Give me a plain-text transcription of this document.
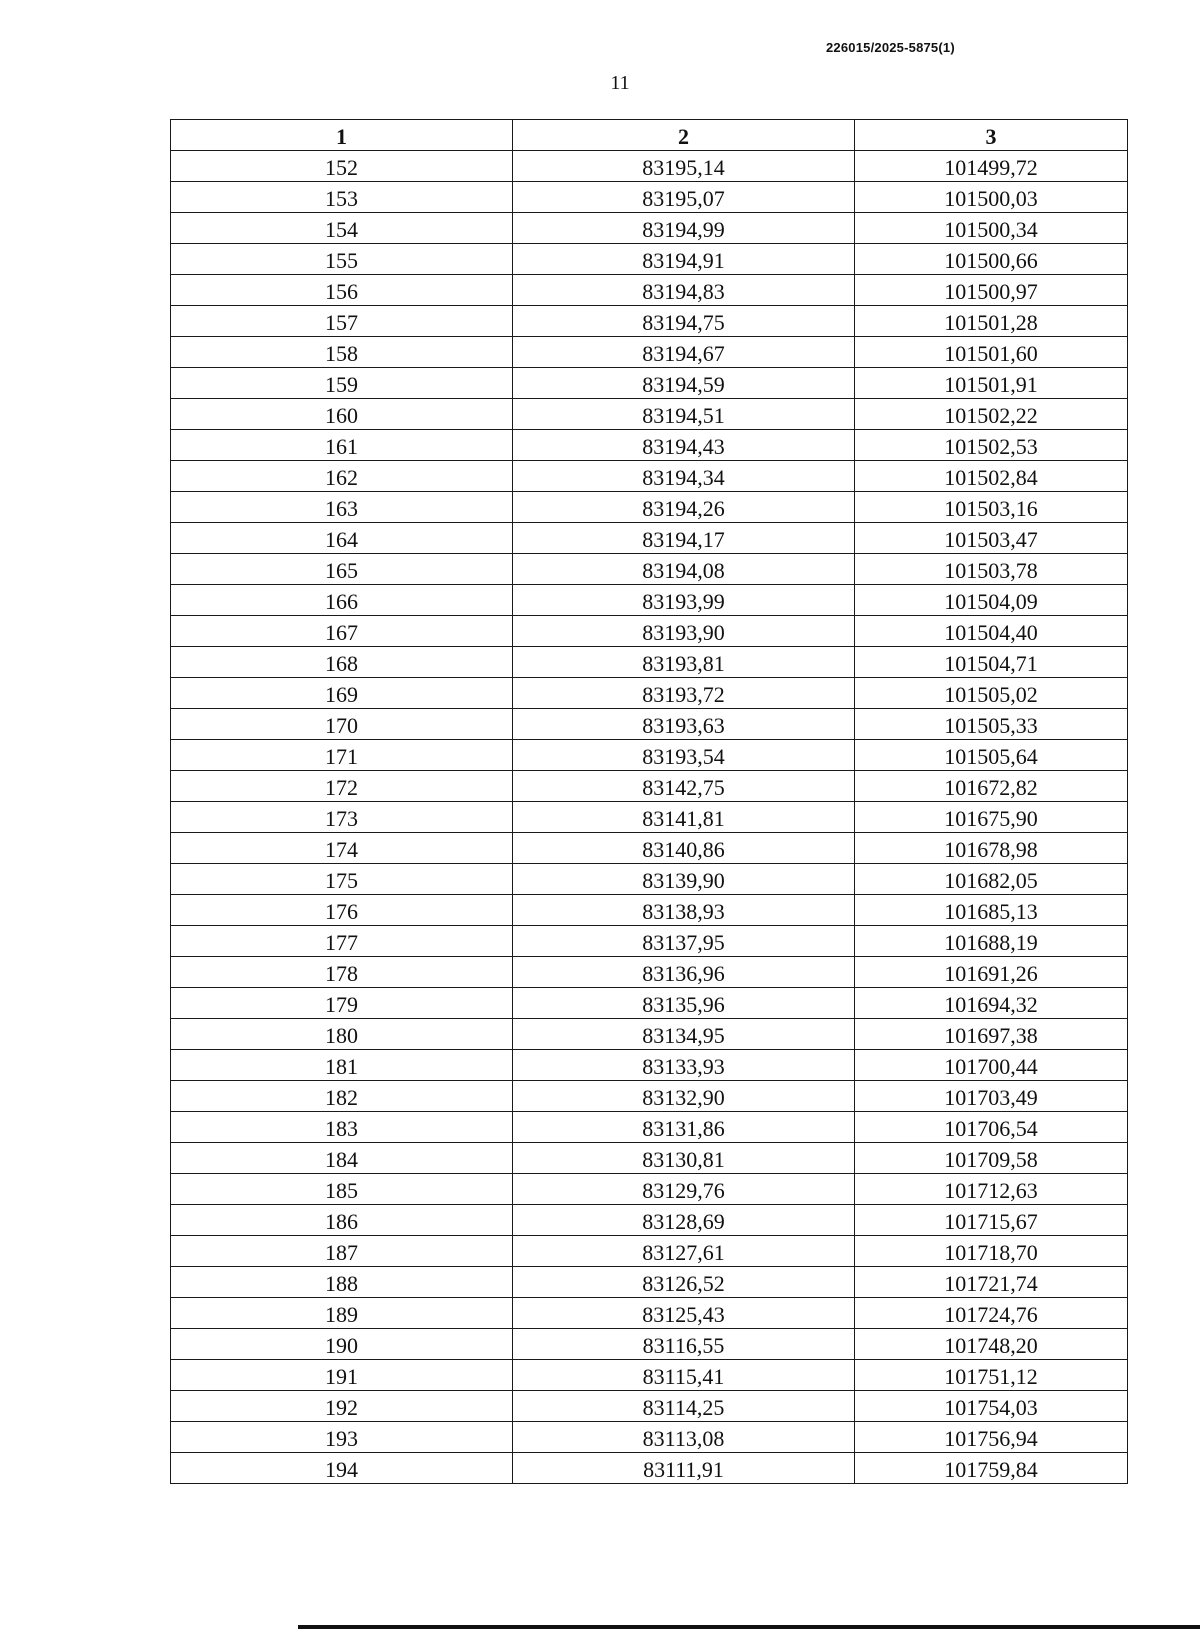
226015/2025-5875(1)
11
1	2	3
152	83195,14	101499,72
153	83195,07	101500,03
154	83194,99	101500,34
155	83194,91	101500,66
156	83194,83	101500,97
157	83194,75	101501,28
158	83194,67	101501,60
159	83194,59	101501,91
160	83194,51	101502,22
161	83194,43	101502,53
162	83194,34	101502,84
163	83194,26	101503,16
164	83194,17	101503,47
165	83194,08	101503,78
166	83193,99	101504,09
167	83193,90	101504,40
168	83193,81	101504,71
169	83193,72	101505,02
170	83193,63	101505,33
171	83193,54	101505,64
172	83142,75	101672,82
173	83141,81	101675,90
174	83140,86	101678,98
175	83139,90	101682,05
176	83138,93	101685,13
177	83137,95	101688,19
178	83136,96	101691,26
179	83135,96	101694,32
180	83134,95	101697,38
181	83133,93	101700,44
182	83132,90	101703,49
183	83131,86	101706,54
184	83130,81	101709,58
185	83129,76	101712,63
186	83128,69	101715,67
187	83127,61	101718,70
188	83126,52	101721,74
189	83125,43	101724,76
190	83116,55	101748,20
191	83115,41	101751,12
192	83114,25	101754,03
193	83113,08	101756,94
194	83111,91	101759,84
